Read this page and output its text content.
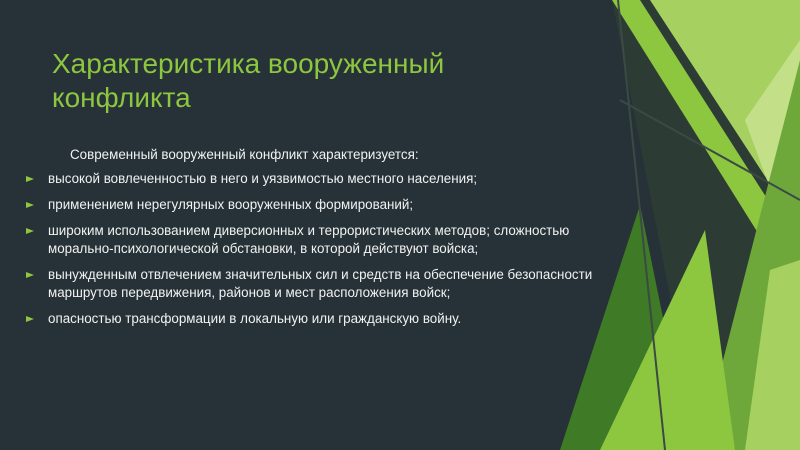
Характеристика вооруженный конфликта

Современный вооруженный конфликт характеризуется:

высокой вовлеченностью в него и уязвимостью местного населения;
применением нерегулярных вооруженных формирований;
широким использованием диверсионных и террористических методов; сложностью морально-психологической обстановки, в которой действуют войска;
вынужденным отвлечением значительных сил и средств на обеспечение безопасности маршрутов передвижения, районов и мест расположения войск;
опасностью трансформации в локальную или гражданскую войну.
